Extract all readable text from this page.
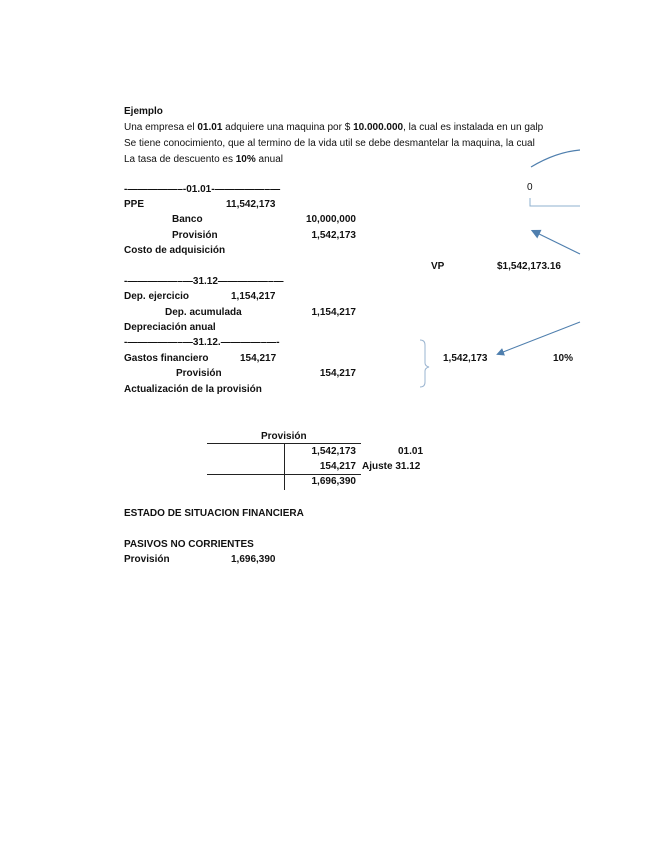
Ejemplo
Una empresa el 01.01 adquiere una maquina por $ 10.000.000, la cual es instalada en un galp
Se tiene conocimiento, que al termino de la vida util se debe desmantelar la maquina, la cual
La tasa de descuento es 10% anual
-—————–-01.01-—————–—
PPE	11,542,173
Banco	10,000,000
Provisión	1,542,173
Costo de adquisición
VP	$1,542,173.16
-—————–—31.12—————–—
Dep. ejercicio	1,154,217
Dep. acumulada	1,154,217
Depreciación anual
-—————–—31.12.————–—-
Gastos financiero	154,217
Provisión	154,217
Actualización de la provisión
1,542,173	10%
0
Provisión
1,542,173	01.01
154,217 Ajuste 31.12
1,696,390
ESTADO DE SITUACION FINANCIERA
PASIVOS NO CORRIENTES
Provisión	1,696,390
